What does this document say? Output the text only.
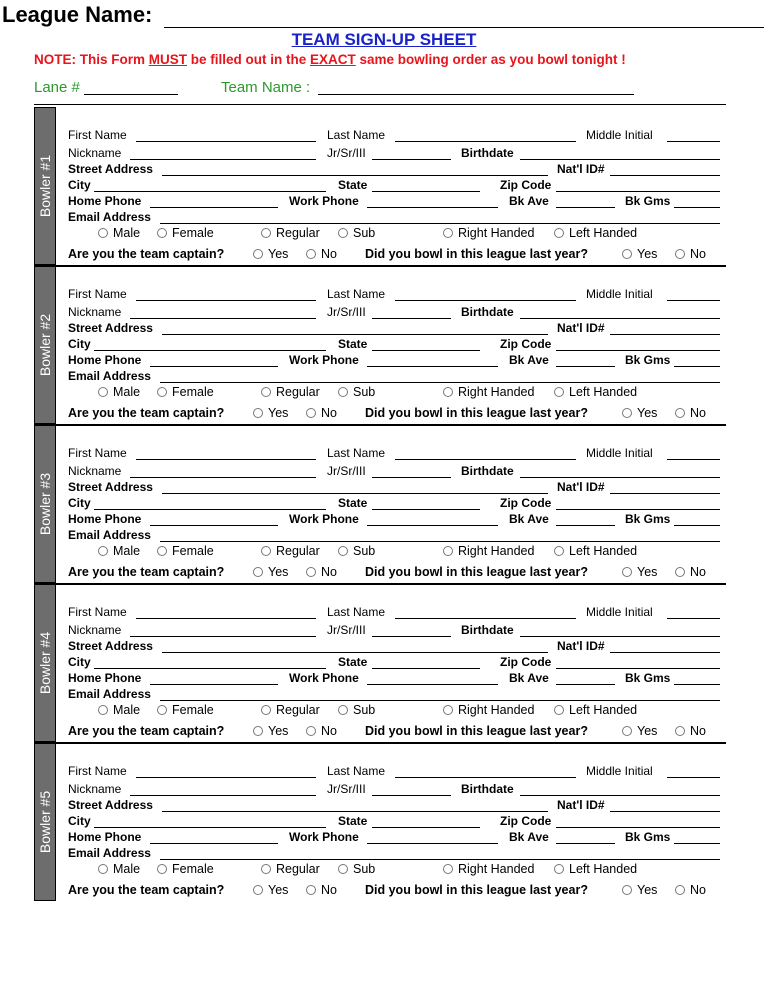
League Name:
TEAM SIGN-UP SHEET
NOTE: This Form MUST be filled out in the EXACT same bowling order as you bowl tonight !
Lane #	Team Name :
Bowler #1
First Name	Last Name	Middle Initial
Nickname	Jr/Sr/III	Birthdate
Street Address	Nat'l ID#
City	State	Zip Code
Home Phone	Work Phone	Bk Ave	Bk Gms
Email Address
Male	Female	Regular	Sub	Right Handed	Left Handed
Are you the team captain?	Yes	No Did you bowl in this league last year?	Yes	No
Bowler #2
First Name	Last Name	Middle Initial
Nickname	Jr/Sr/III	Birthdate
Street Address	Nat'l ID#
City	State	Zip Code
Home Phone	Work Phone	Bk Ave	Bk Gms
Email Address
Male	Female	Regular	Sub	Right Handed	Left Handed
Are you the team captain?	Yes	No Did you bowl in this league last year?	Yes	No
Bowler #3
First Name	Last Name	Middle Initial
Nickname	Jr/Sr/III	Birthdate
Street Address	Nat'l ID#
City	State	Zip Code
Home Phone	Work Phone	Bk Ave	Bk Gms
Email Address
Male	Female	Regular	Sub	Right Handed	Left Handed
Are you the team captain?	Yes	No Did you bowl in this league last year?	Yes	No
Bowler #4
First Name	Last Name	Middle Initial
Nickname	Jr/Sr/III	Birthdate
Street Address	Nat'l ID#
City	State	Zip Code
Home Phone	Work Phone	Bk Ave	Bk Gms
Email Address
Male	Female	Regular	Sub	Right Handed	Left Handed
Are you the team captain?	Yes	No Did you bowl in this league last year?	Yes	No
Bowler #5
First Name	Last Name	Middle Initial
Nickname	Jr/Sr/III	Birthdate
Street Address	Nat'l ID#
City	State	Zip Code
Home Phone	Work Phone	Bk Ave	Bk Gms
Email Address
Male	Female	Regular	Sub	Right Handed	Left Handed
Are you the team captain?	Yes	No Did you bowl in this league last year?	Yes	No
